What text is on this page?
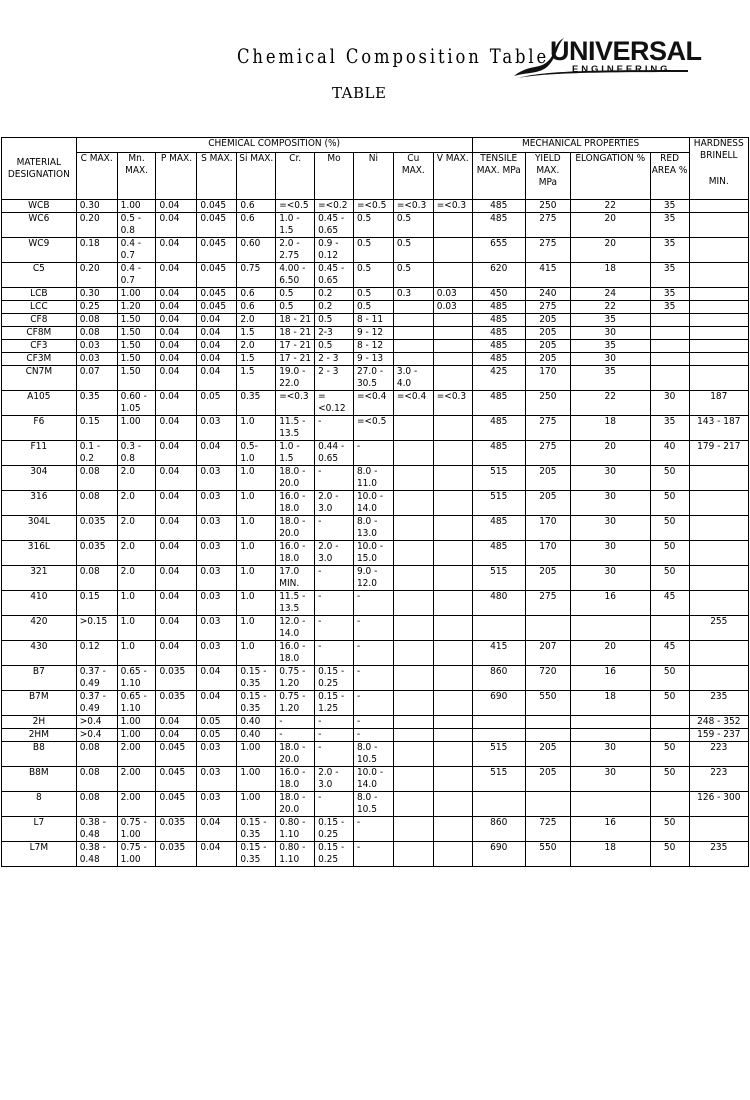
Chemical Composition Table
TABLE
UNIVERSAL
ENGINEERING
MATERIAL DESIGNATION	CHEMICAL COMPOSITION (%)										MECHANICAL PROPERTIES				HARDNESS BRINELL
MIN.

	C MAX.	Mn. MAX.	P MAX.	S MAX.	Si MAX.	Cr.	Mo	Ni	Cu MAX.	V MAX.	TENSILE MAX. MPa	YIELD MAX. MPa	ELONGATION %	RED AREA %	
WCB	0.30	1.00	0.04	0.045	0.6	=<0.5	=<0.2	=<0.5	=<0.3	=<0.3	485	250	22	35	
WC6	0.20	0.5 - 0.8	0.04	0.045	0.6	1.0 - 1.5	0.45 - 0.65	0.5	0.5		485	275	20	35	
WC9	0.18	0.4 - 0.7	0.04	0.045	0.60	2.0 - 2.75	0.9 - 0.12	0.5	0.5		655	275	20	35	
C5	0.20	0.4 - 0.7	0.04	0.045	0.75	4.00 - 6.50	0.45 - 0.65	0.5	0.5		620	415	18	35	
LCB	0.30	1.00	0.04	0.045	0.6	0.5	0.2	0.5	0.3	0.03	450	240	24	35	
LCC	0.25	1.20	0.04	0.045	0.6	0.5	0.2	0.5		0.03	485	275	22	35	
CF8	0.08	1.50	0.04	0.04	2.0	18 - 21	0.5	8 - 11			485	205	35		
CF8M	0.08	1.50	0.04	0.04	1.5	18 - 21	2-3	9 - 12			485	205	30		
CF3	0.03	1.50	0.04	0.04	2.0	17 - 21	0.5	8 - 12			485	205	35		
CF3M	0.03	1.50	0.04	0.04	1.5	17 - 21	2 - 3	9 - 13			485	205	30		
CN7M	0.07	1.50	0.04	0.04	1.5	19.0 - 22.0	2 - 3	27.0 - 30.5	3.0 - 4.0		425	170	35		
A105	0.35	0.60 - 1.05	0.04	0.05	0.35	=<0.3	=<0.12	=<0.4	=<0.4	=<0.3	485	250	22	30	187
F6	0.15	1.00	0.04	0.03	1.0	11.5 - 13.5	-	=<0.5			485	275	18	35	143 - 187
F11	0.1 - 0.2	0.3 - 0.8	0.04	0.04	0.5- 1.0	1.0 - 1.5	0.44 - 0.65	-			485	275	20	40	179 - 217
304	0.08	2.0	0.04	0.03	1.0	18.0 - 20.0	-	8.0 - 11.0			515	205	30	50	
316	0.08	2.0	0.04	0.03	1.0	16.0 - 18.0	2.0 - 3.0	10.0 - 14.0			515	205	30	50	
304L	0.035	2.0	0.04	0.03	1.0	18.0 - 20.0	-	8.0 - 13.0			485	170	30	50	
316L	0.035	2.0	0.04	0.03	1.0	16.0 - 18.0	2.0 - 3.0	10.0 - 15.0			485	170	30	50	
321	0.08	2.0	0.04	0.03	1.0	17.0 MIN.	-	9.0 - 12.0			515	205	30	50	
410	0.15	1.0	0.04	0.03	1.0	11.5 - 13.5	-	-			480	275	16	45	
420	>0.15	1.0	0.04	0.03	1.0	12.0 - 14.0	-	-							255
430	0.12	1.0	0.04	0.03	1.0	16.0 - 18.0	-	-			415	207	20	45	
B7	0.37 - 0.49	0.65 - 1.10	0.035	0.04	0.15 - 0.35	0.75 - 1.20	0.15 - 0.25	-			860	720	16	50	
B7M	0.37 - 0.49	0.65 - 1.10	0.035	0.04	0.15 - 0.35	0.75 - 1.20	0.15 - 1.25	-			690	550	18	50	235
2H	>0.4	1.00	0.04	0.05	0.40	-	-	-							248 - 352
2HM	>0.4	1.00	0.04	0.05	0.40	-	-	-							159 - 237
B8	0.08	2.00	0.045	0.03	1.00	18.0 - 20.0	-	8.0 - 10.5			515	205	30	50	223
B8M	0.08	2.00	0.045	0.03	1.00	16.0 - 18.0	2.0 - 3.0	10.0 - 14.0			515	205	30	50	223
8	0.08	2.00	0.045	0.03	1.00	18.0 - 20.0	-	8.0 - 10.5							126 - 300
L7	0.38 - 0.48	0.75 - 1.00	0.035	0.04	0.15 - 0.35	0.80 - 1.10	0.15 - 0.25	-			860	725	16	50	
L7M	0.38 - 0.48	0.75 - 1.00	0.035	0.04	0.15 - 0.35	0.80 - 1.10	0.15 - 0.25	-			690	550	18	50	235
